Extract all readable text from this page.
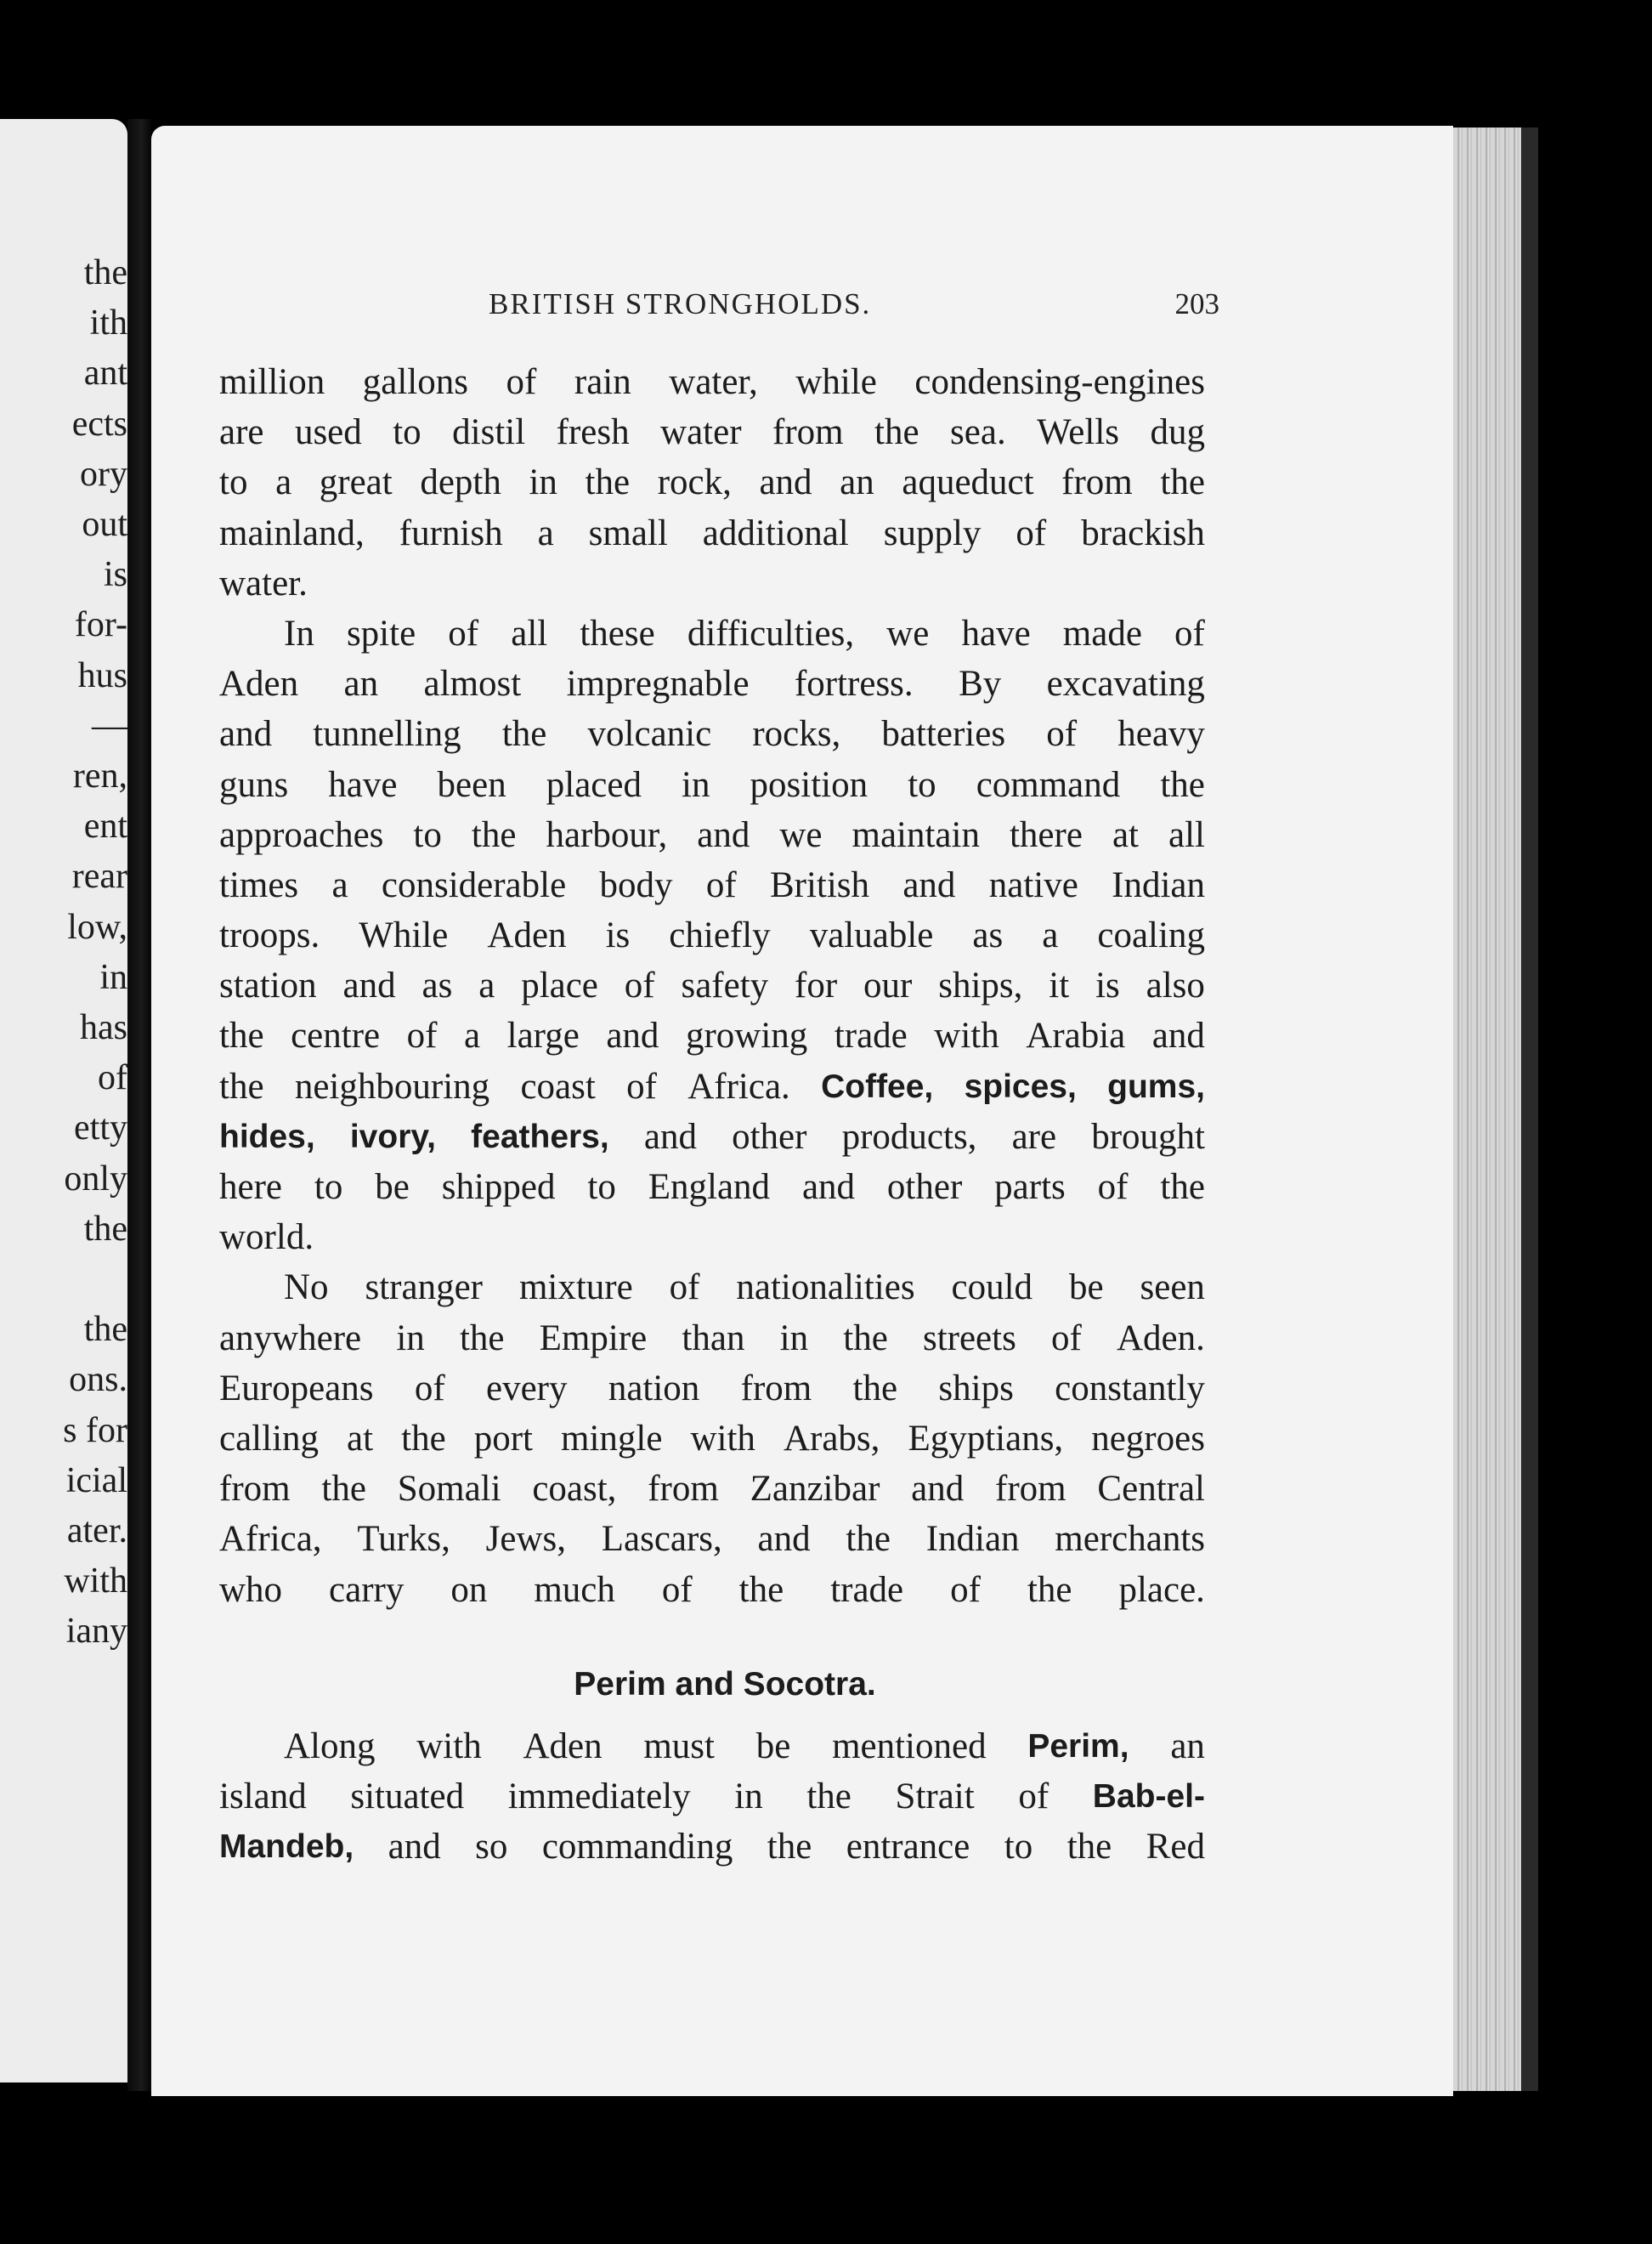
the
ith
ant
ects
ory
out
is
for-
hus
—
ren,
ent
rear
low,
in
has
of
etty
only
the
the
ons.
s for
icial
ater.
with
iany
BRITISH STRONGHOLDS.	203
million gallons of rain water, while condensing-engines
are used to distil fresh water from the sea. Wells dug
to a great depth in the rock, and an aqueduct from the
mainland, furnish a small additional supply of brackish
water.
In spite of all these difficulties, we have made of
Aden an almost impregnable fortress. By excavating
and tunnelling the volcanic rocks, batteries of heavy
guns have been placed in position to command the
approaches to the harbour, and we maintain there at all
times a considerable body of British and native Indian
troops. While Aden is chiefly valuable as a coaling
station and as a place of safety for our ships, it is also
the centre of a large and growing trade with Arabia and
the neighbouring coast of Africa. Coffee, spices, gums,
hides, ivory, feathers, and other products, are brought
here to be shipped to England and other parts of the
world.
No stranger mixture of nationalities could be seen
anywhere in the Empire than in the streets of Aden.
Europeans of every nation from the ships constantly
calling at the port mingle with Arabs, Egyptians, negroes
from the Somali coast, from Zanzibar and from Central
Africa, Turks, Jews, Lascars, and the Indian merchants
who carry on much of the trade of the place.
Perim and Socotra.
Along with Aden must be mentioned Perim, an
island situated immediately in the Strait of Bab-el-
Mandeb, and so commanding the entrance to the Red
